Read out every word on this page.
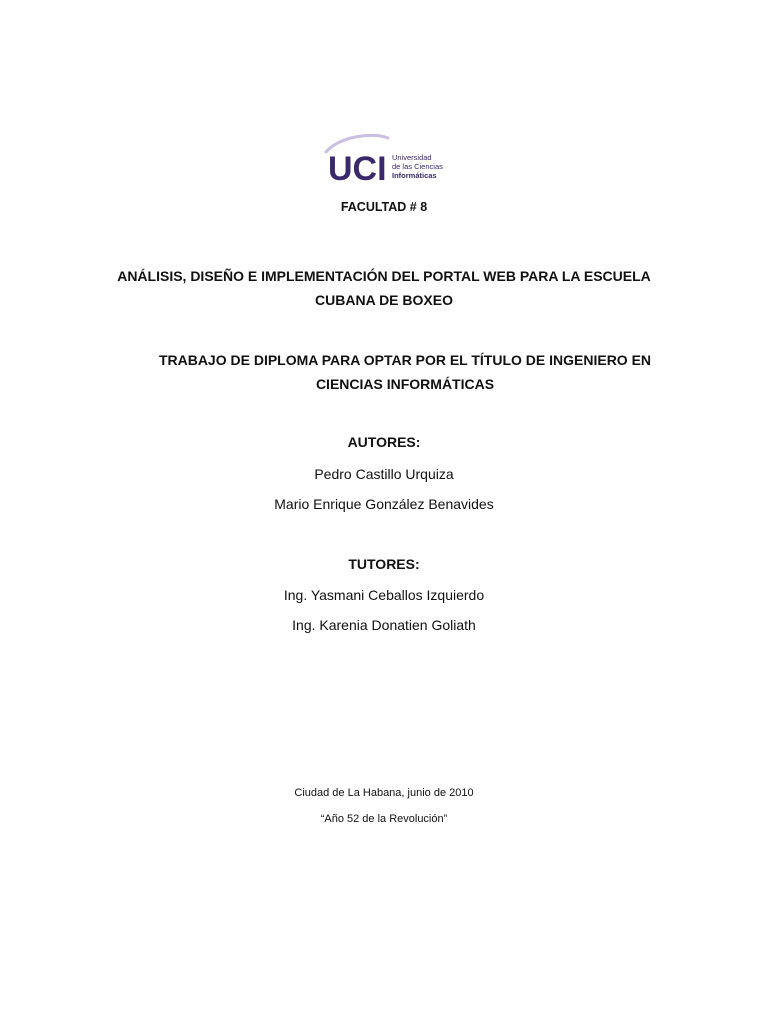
UCI Universidad
de las Ciencias
Informáticas
FACULTAD # 8
ANÁLISIS, DISEÑO E IMPLEMENTACIÓN DEL PORTAL WEB PARA LA ESCUELA CUBANA DE BOXEO
TRABAJO DE DIPLOMA PARA OPTAR POR EL TÍTULO DE INGENIERO EN CIENCIAS INFORMÁTICAS
AUTORES:
Pedro Castillo Urquiza
Mario Enrique González Benavides
TUTORES:
Ing. Yasmani Ceballos Izquierdo
Ing. Karenia Donatien Goliath
Ciudad de La Habana, junio de 2010
“Año 52 de la Revolución”
